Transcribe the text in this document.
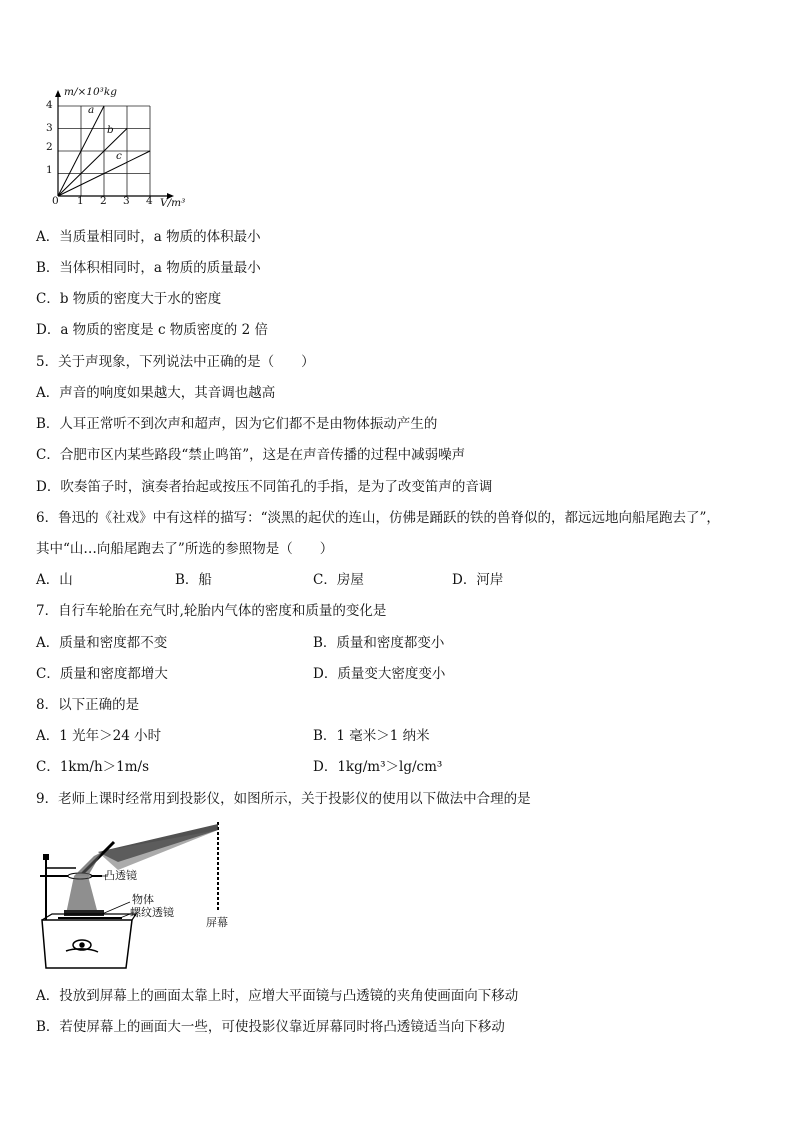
m/×10³kg
V/m³
4
3
2
1
0 1 2 3 4
a
b
c
A．当质量相同时，a 物质的体积最小
B．当体积相同时，a 物质的质量最小
C．b 物质的密度大于水的密度
D．a 物质的密度是 c 物质密度的 2 倍
5．关于声现象，下列说法中正确的是（　　）
A．声音的响度如果越大，其音调也越高
B．人耳正常听不到次声和超声，因为它们都不是由物体振动产生的
C．合肥市区内某些路段“禁止鸣笛”，这是在声音传播的过程中减弱噪声
D．吹奏笛子时，演奏者抬起或按压不同笛孔的手指，是为了改变笛声的音调
6．鲁迅的《社戏》中有这样的描写：“淡黑的起伏的连山，仿佛是踊跃的铁的兽脊似的，都远远地向船尾跑去了”，
其中“山…向船尾跑去了”所选的参照物是（　　）
A．山	B．船	C．房屋	D．河岸
7．自行车轮胎在充气时,轮胎内气体的密度和质量的变化是
A．质量和密度都不变	B．质量和密度都变小
C．质量和密度都增大	D．质量变大密度变小
8．以下正确的是
A．1 光年＞24 小时	B．1 毫米＞1 纳米
C．1km/h＞1m/s	D．1kg/m³＞lg/cm³
9．老师上课时经常用到投影仪，如图所示，关于投影仪的使用以下做法中合理的是
凸透镜
物体
螺纹透镜
屏幕
A．投放到屏幕上的画面太靠上时，应增大平面镜与凸透镜的夹角使画面向下移动
B．若使屏幕上的画面大一些，可使投影仪靠近屏幕同时将凸透镜适当向下移动
